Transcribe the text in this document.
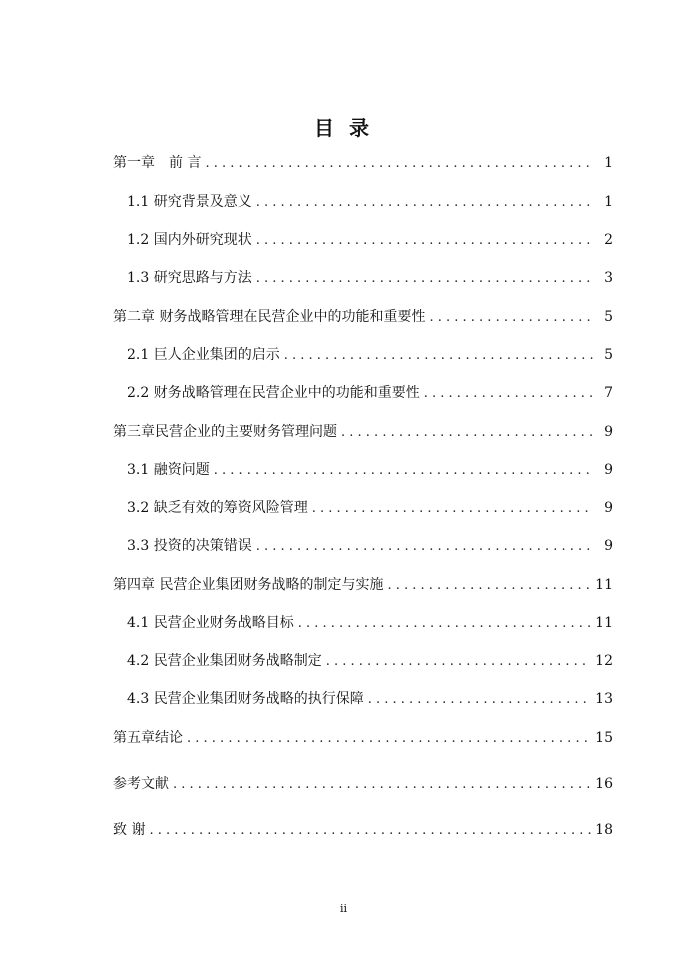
目 录
第一章　前 言 . . .	1
1.1 研究背景及意义 . . .	1
1.2 国内外研究现状 . . .	2
1.3 研究思路与方法 . . .	3
第二章 财务战略管理在民营企业中的功能和重要性 . . .	5
2.1 巨人企业集团的启示 . . .	5
2.2 财务战略管理在民营企业中的功能和重要性 . . .	7
第三章民营企业的主要财务管理问题 . . .	9
3.1 融资问题 . . .	9
3.2 缺乏有效的筹资风险管理 . . .	9
3.3 投资的决策错误 . . .	9
第四章 民营企业集团财务战略的制定与实施 . . .	11
4.1 民营企业财务战略目标 . . .	11
4.2 民营企业集团财务战略制定 . . .	12
4.3 民营企业集团财务战略的执行保障 . . .	13
第五章结论 . . .	15
参考文献 . . .	16
致 谢 . . .	18
ii
